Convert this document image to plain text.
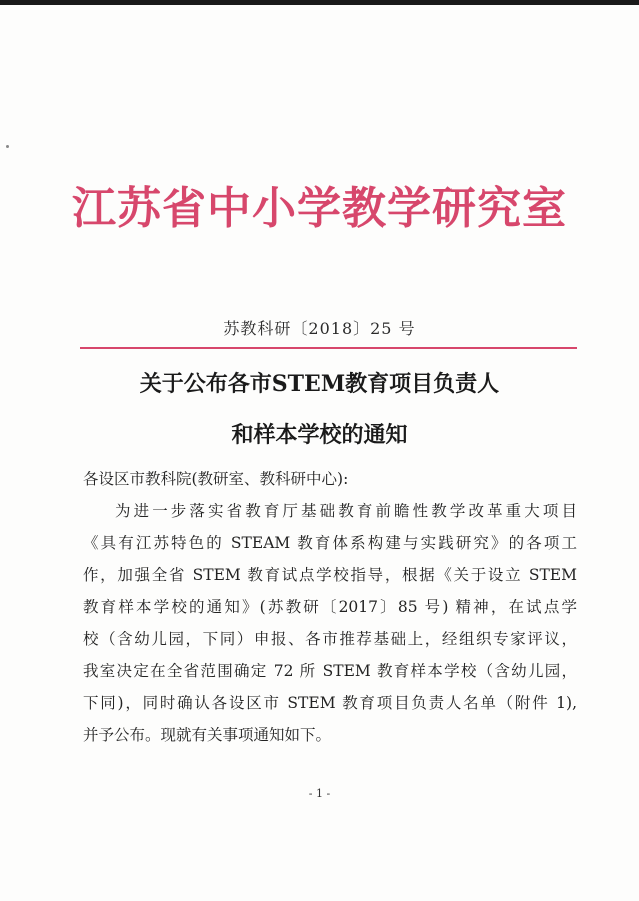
江苏省中小学教学研究室
苏教科研〔2018〕25 号
关于公布各市STEM教育项目负责人
和样本学校的通知
各设区市教科院(教研室、教科研中心):
为进一步落实省教育厅基础教育前瞻性教学改革重大项目
《具有江苏特色的 STEAM 教育体系构建与实践研究》的各项工
作，加强全省 STEM 教育试点学校指导，根据《关于设立 STEM
教育样本学校的通知》(苏教研〔2017〕85 号) 精神，在试点学
校（含幼儿园，下同）申报、各市推荐基础上，经组织专家评议，
我室决定在全省范围确定 72 所 STEM 教育样本学校（含幼儿园，
下同)，同时确认各设区市 STEM 教育项目负责人名单（附件 1),
并予公布。现就有关事项通知如下。
- 1 -
